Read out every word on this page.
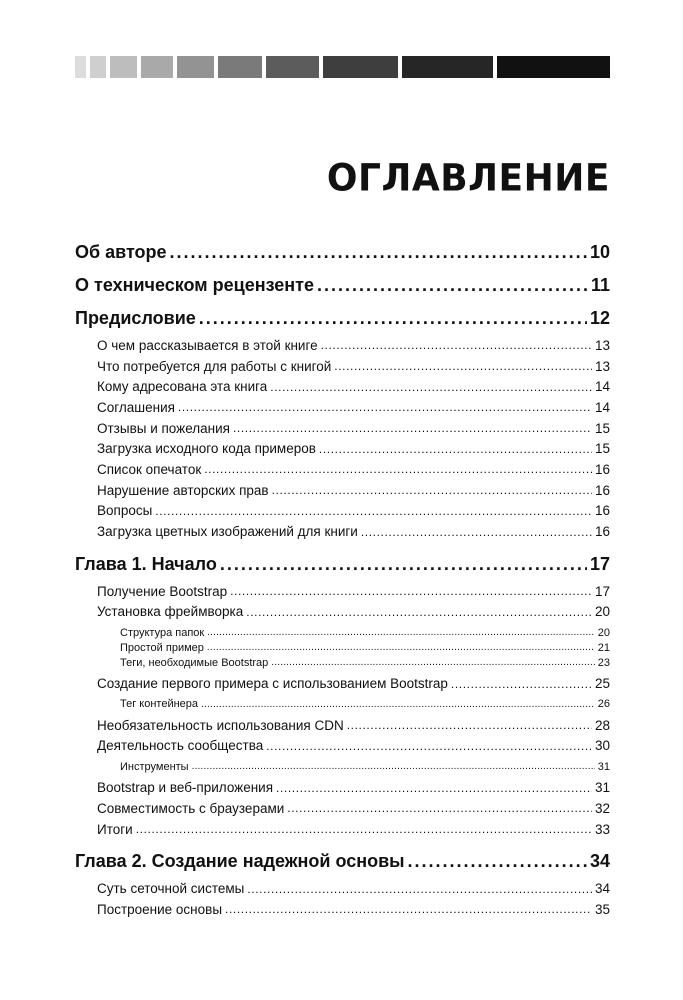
ОГЛАВЛЕНИЕ
Об авторе .....	10
О техническом рецензенте .....	11
Предисловие .....	12
О чем рассказывается в этой книге .....	13
Что потребуется для работы с книгой .....	13
Кому адресована эта книга .....	14
Соглашения .....	14
Отзывы и пожелания .....	15
Загрузка исходного кода примеров .....	15
Список опечаток .....	16
Нарушение авторских прав .....	16
Вопросы .....	16
Загрузка цветных изображений для книги .....	16
Глава 1. Начало .....	17
Получение Bootstrap .....	17
Установка фреймворка .....	20
Структура папок .....	20
Простой пример .....	21
Теги, необходимые Bootstrap .....	23
Создание первого примера с использованием Bootstrap .....	25
Тег контейнера .....	26
Необязательность использования CDN .....	28
Деятельность сообщества .....	30
Инструменты .....	31
Bootstrap и веб-приложения .....	31
Совместимость с браузерами .....	32
Итоги .....	33
Глава 2. Создание надежной основы .....	34
Суть сеточной системы .....	34
Построение основы .....	35
